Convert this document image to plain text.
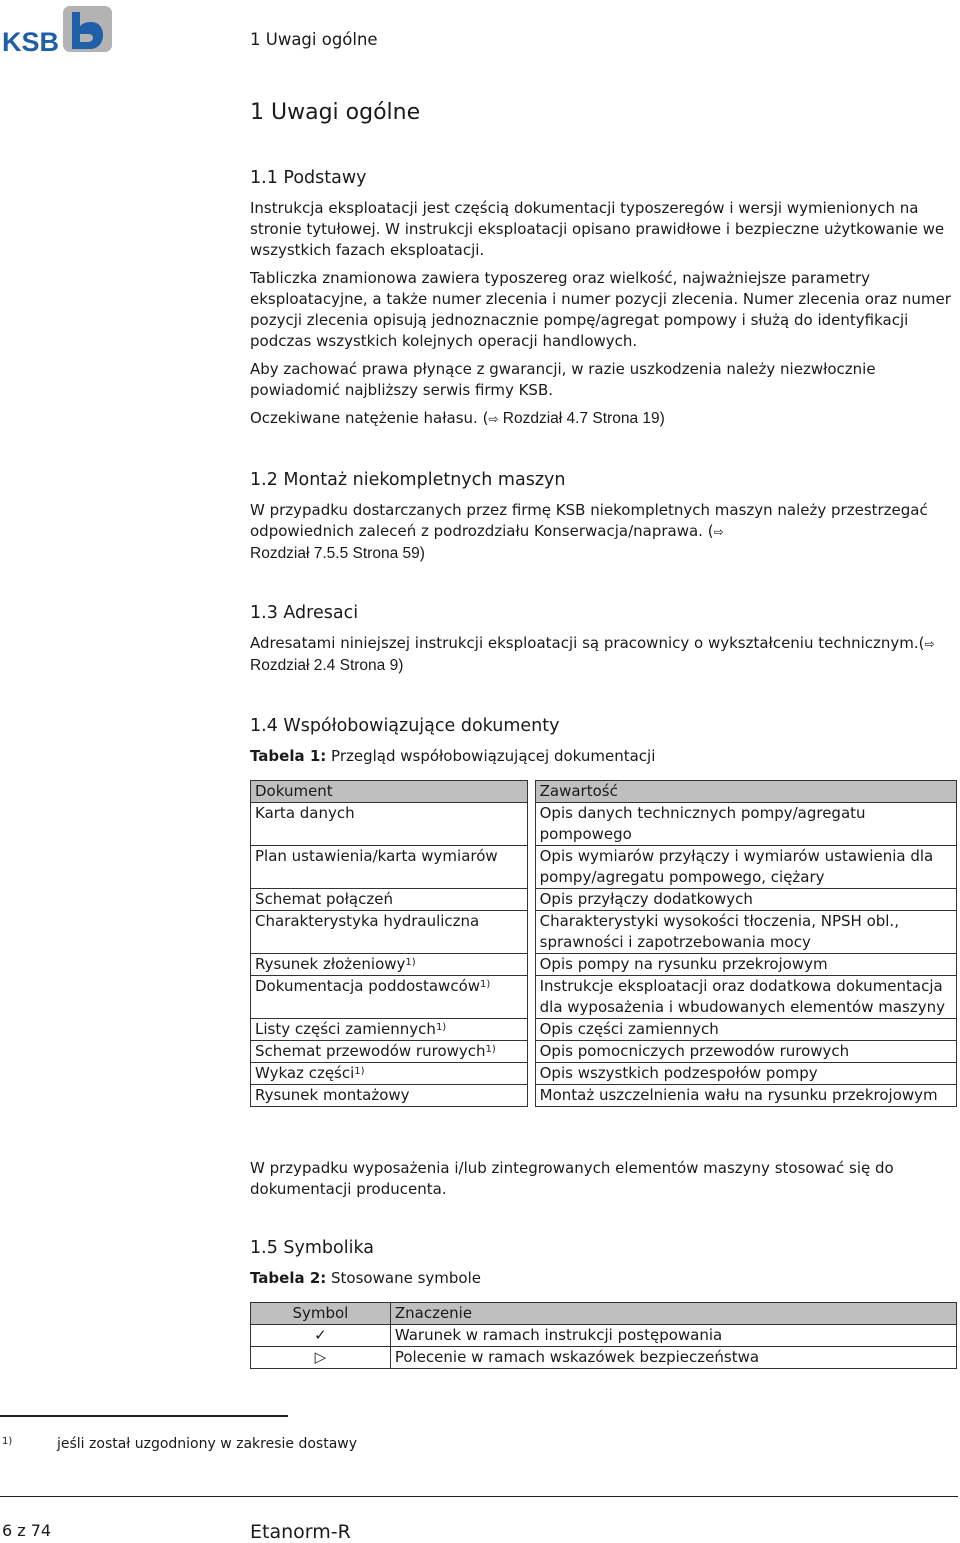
KSB	1 Uwagi ogólne
1 Uwagi ogólne
1.1 Podstawy
Instrukcja eksploatacji jest częścią dokumentacji typoszeregów i wersji wymienionych na stronie tytułowej. W instrukcji eksploatacji opisano prawidłowe i bezpieczne użytkowanie we wszystkich fazach eksploatacji.
Tabliczka znamionowa zawiera typoszereg oraz wielkość, najważniejsze parametry eksploatacyjne, a także numer zlecenia i numer pozycji zlecenia. Numer zlecenia oraz numer pozycji zlecenia opisują jednoznacznie pompę/agregat pompowy i służą do identyfikacji podczas wszystkich kolejnych operacji handlowych.
Aby zachować prawa płynące z gwarancji, w razie uszkodzenia należy niezwłocznie powiadomić najbliższy serwis firmy KSB.
Oczekiwane natężenie hałasu. (⇨ Rozdział 4.7 Strona 19)
1.2 Montaż niekompletnych maszyn
W przypadku dostarczanych przez firmę KSB niekompletnych maszyn należy przestrzegać odpowiednich zaleceń z podrozdziału Konserwacja/naprawa. (⇨
Rozdział 7.5.5 Strona 59)
1.3 Adresaci
Adresatami niniejszej instrukcji eksploatacji są pracownicy o wykształceniu technicznym.(⇨ Rozdział 2.4 Strona 9)
1.4 Współobowiązujące dokumenty
Tabela 1: Przegląd współobowiązującej dokumentacji
Dokument		Zawartość
Karta danych		Opis danych technicznych pompy/agregatu pompowego
Plan ustawienia/karta wymiarów		Opis wymiarów przyłączy i wymiarów ustawienia dla pompy/agregatu pompowego, ciężary
Schemat połączeń		Opis przyłączy dodatkowych
Charakterystyka hydrauliczna		Charakterystyki wysokości tłoczenia, NPSH obl., sprawności i zapotrzebowania mocy
Rysunek złożeniowy$^{1)}$		Opis pompy na rysunku przekrojowym
Dokumentacja poddostawców$^{1)}$		Instrukcje eksploatacji oraz dodatkowa dokumentacja dla wyposażenia i wbudowanych elementów maszyny
Listy części zamiennych$^{1)}$		Opis części zamiennych
Schemat przewodów rurowych$^{1)}$		Opis pomocniczych przewodów rurowych
Wykaz części$^{1)}$		Opis wszystkich podzespołów pompy
Rysunek montażowy		Montaż uszczelnienia wału na rysunku przekrojowym
W przypadku wyposażenia i/lub zintegrowanych elementów maszyny stosować się do dokumentacji producenta.
1.5 Symbolika
Tabela 2: Stosowane symbole
Symbol	Znaczenie
✓	Warunek w ramach instrukcji postępowania
▷	Polecenie w ramach wskazówek bezpieczeństwa
1)	jeśli został uzgodniony w zakresie dostawy
6 z 74	Etanorm-R
